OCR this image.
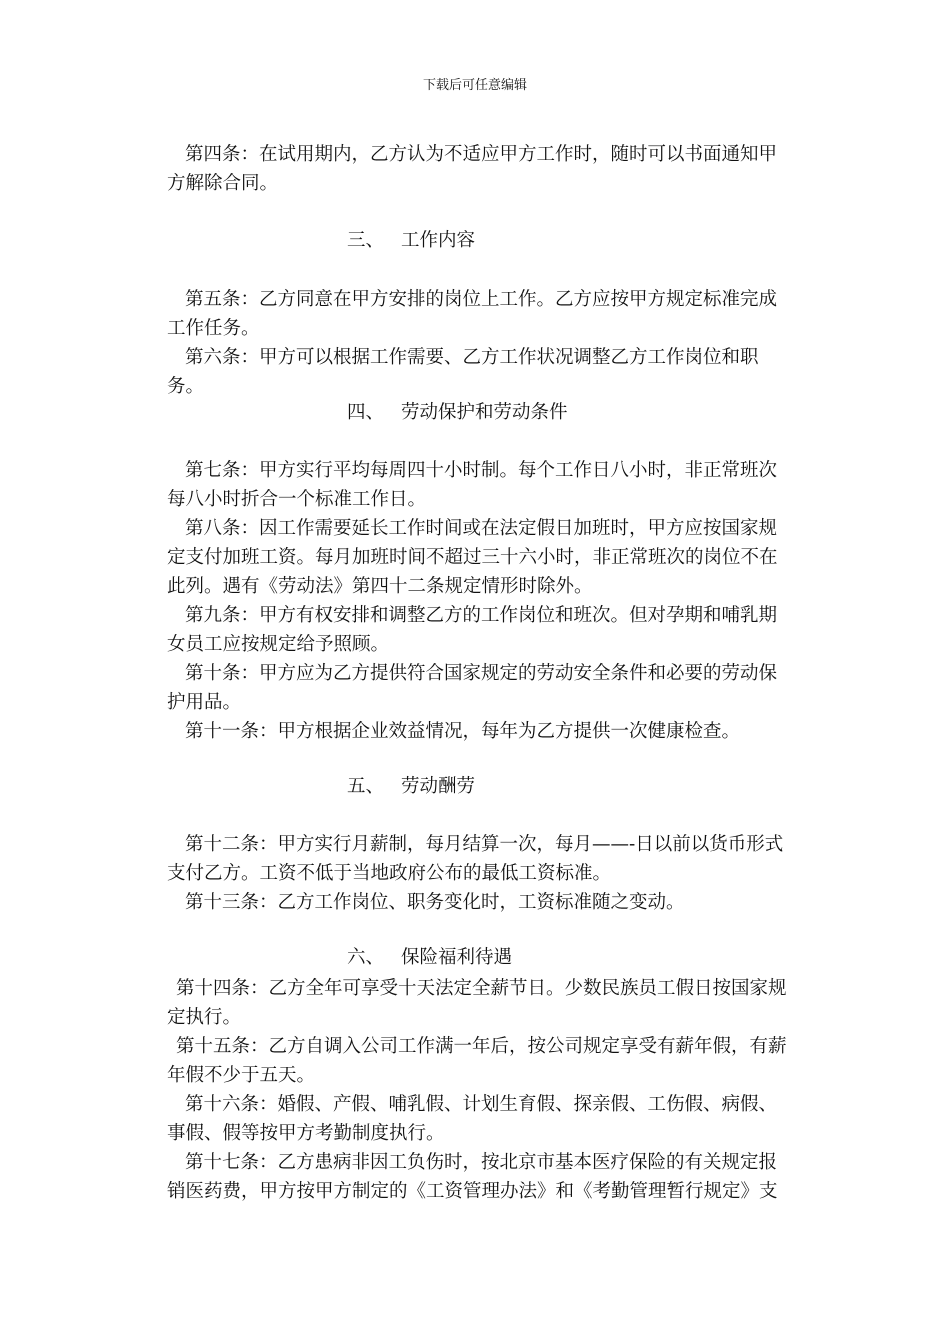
下载后可任意编辑

第四条：在试用期内，乙方认为不适应甲方工作时，随时可以书面通知甲方解除合同。

三、 工作内容

第五条：乙方同意在甲方安排的岗位上工作。乙方应按甲方规定标准完成工作任务。

第六条：甲方可以根据工作需要、乙方工作状况调整乙方工作岗位和职务。

四、 劳动保护和劳动条件

第七条：甲方实行平均每周四十小时制。每个工作日八小时，非正常班次每八小时折合一个标准工作日。

第八条：因工作需要延长工作时间或在法定假日加班时，甲方应按国家规定支付加班工资。每月加班时间不超过三十六小时，非正常班次的岗位不在此列。遇有《劳动法》第四十二条规定情形时除外。

第九条：甲方有权安排和调整乙方的工作岗位和班次。但对孕期和哺乳期女员工应按规定给予照顾。

第十条：甲方应为乙方提供符合国家规定的劳动安全条件和必要的劳动保护用品。

第十一条：甲方根据企业效益情况，每年为乙方提供一次健康检查。

五、 劳动酬劳

第十二条：甲方实行月薪制，每月结算一次，每月——-日以前以货币形式支付乙方。工资不低于当地政府公布的最低工资标准。

第十三条：乙方工作岗位、职务变化时，工资标准随之变动。

六、 保险福利待遇

第十四条：乙方全年可享受十天法定全薪节日。少数民族员工假日按国家规定执行。

第十五条：乙方自调入公司工作满一年后，按公司规定享受有薪年假，有薪年假不少于五天。

第十六条：婚假、产假、哺乳假、计划生育假、探亲假、工伤假、病假、事假、假等按甲方考勤制度执行。

第十七条：乙方患病非因工负伤时，按北京市基本医疗保险的有关规定报销医药费，甲方按甲方制定的《工资管理办法》和《考勤管理暂行规定》支
